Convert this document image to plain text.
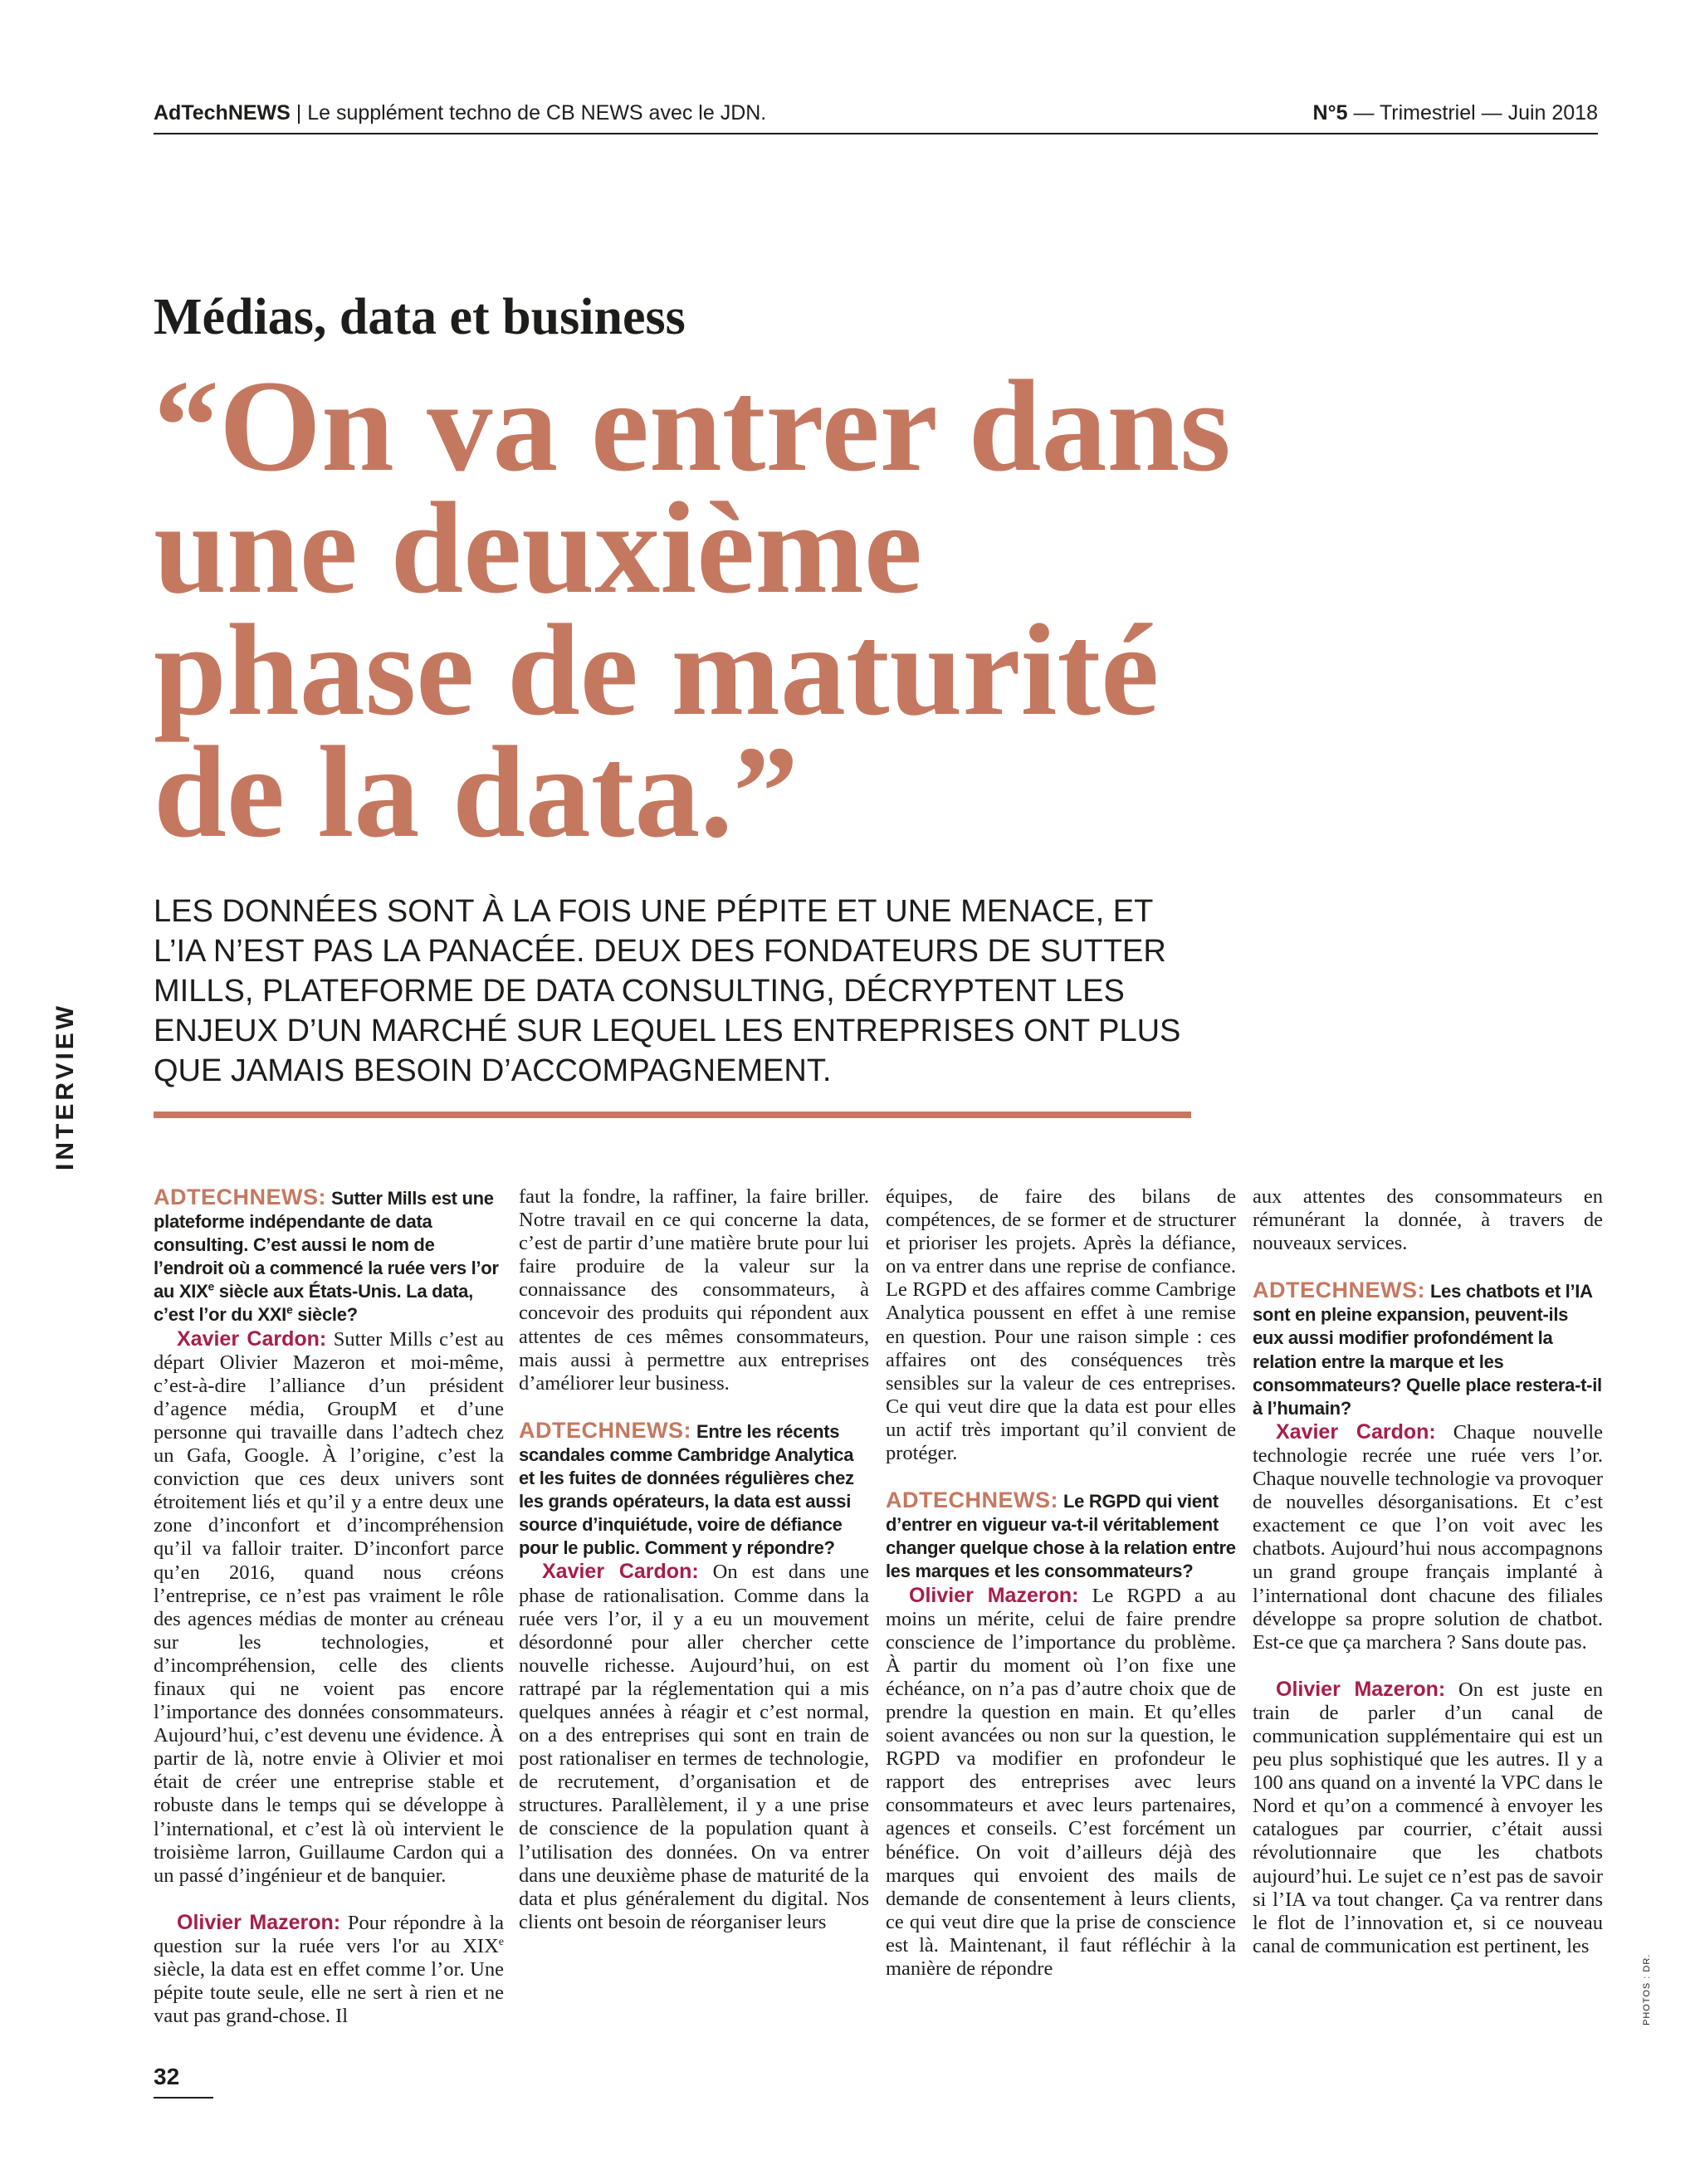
AdTechNEWS | Le supplément techno de CB NEWS avec le JDN.	N°5 — Trimestriel — Juin 2018
INTERVIEW
Médias, data et business
“On va entrer dans
une deuxième
phase de maturité
de la data.”
LES DONNÉES SONT À LA FOIS UNE PÉPITE ET UNE MENACE, ET
L’IA N’EST PAS LA PANACÉE. DEUX DES FONDATEURS DE SUTTER
MILLS, PLATEFORME DE DATA CONSULTING, DÉCRYPTENT LES
ENJEUX D’UN MARCHÉ SUR LEQUEL LES ENTREPRISES ONT PLUS
QUE JAMAIS BESOIN D’ACCOMPAGNEMENT.

ADTECHNEWS: Sutter Mills est une plateforme indépendante de data consulting. C’est aussi le nom de l’endroit où a commencé la ruée vers l’or au XIXe siècle aux États-Unis. La data, c’est l’or du XXIe siècle?

Xavier Cardon: Sutter Mills c’est au départ Olivier Mazeron et moi-même, c’est-à-dire l’alliance d’un président d’agence média, GroupM et d’une personne qui travaille dans l’adtech chez un Gafa, Google. À l’origine, c’est la conviction que ces deux univers sont étroitement liés et qu’il y a entre deux une zone d’inconfort et d’incompréhension qu’il va falloir traiter. D’inconfort parce qu’en 2016, quand nous créons l’entreprise, ce n’est pas vraiment le rôle des agences médias de monter au créneau sur les technologies, et d’incompréhension, celle des clients finaux qui ne voient pas encore l’importance des données consommateurs. Aujourd’hui, c’est devenu une évidence. À partir de là, notre envie à Olivier et moi était de créer une entreprise stable et robuste dans le temps qui se développe à l’international, et c’est là où intervient le troisième larron, Guillaume Cardon qui a un passé d’ingénieur et de banquier.

Olivier Mazeron: Pour répondre à la question sur la ruée vers l'or au XIXe siècle, la data est en effet comme l’or. Une pépite toute seule, elle ne sert à rien et ne vaut pas grand-chose. Il

faut la fondre, la raffiner, la faire briller. Notre travail en ce qui concerne la data, c’est de partir d’une matière brute pour lui faire produire de la valeur sur la connaissance des consommateurs, à concevoir des produits qui répondent aux attentes de ces mêmes consommateurs, mais aussi à permettre aux entreprises d’améliorer leur business.

ADTECHNEWS: Entre les récents scandales comme Cambridge Analytica et les fuites de données régulières chez les grands opérateurs, la data est aussi source d’inquiétude, voire de défiance pour le public. Comment y répondre?

Xavier Cardon: On est dans une phase de rationalisation. Comme dans la ruée vers l’or, il y a eu un mouvement désordonné pour aller chercher cette nouvelle richesse. Aujourd’hui, on est rattrapé par la réglementation qui a mis quelques années à réagir et c’est normal, on a des entreprises qui sont en train de post rationaliser en termes de technologie, de recrutement, d’organisation et de structures. Parallèlement, il y a une prise de conscience de la population quant à l’utilisation des données. On va entrer dans une deuxième phase de maturité de la data et plus généralement du digital. Nos clients ont besoin de réorganiser leurs

équipes, de faire des bilans de compétences, de se former et de structurer et prioriser les projets. Après la défiance, on va entrer dans une reprise de confiance. Le RGPD et des affaires comme Cambrige Analytica poussent en effet à une remise en question. Pour une raison simple : ces affaires ont des conséquences très sensibles sur la valeur de ces entreprises. Ce qui veut dire que la data est pour elles un actif très important qu’il convient de protéger.

ADTECHNEWS: Le RGPD qui vient d’entrer en vigueur va-t-il véritablement changer quelque chose à la relation entre les marques et les consommateurs?

Olivier Mazeron: Le RGPD a au moins un mérite, celui de faire prendre conscience de l’importance du problème. À partir du moment où l’on fixe une échéance, on n’a pas d’autre choix que de prendre la question en main. Et qu’elles soient avancées ou non sur la question, le RGPD va modifier en profondeur le rapport des entreprises avec leurs consommateurs et avec leurs partenaires, agences et conseils. C’est forcément un bénéfice. On voit d’ailleurs déjà des marques qui envoient des mails de demande de consentement à leurs clients, ce qui veut dire que la prise de conscience est là. Maintenant, il faut réfléchir à la manière de répondre

aux attentes des consommateurs en rémunérant la donnée, à travers de nouveaux services.

ADTECHNEWS: Les chatbots et l’IA sont en pleine expansion, peuvent-ils eux aussi modifier profondément la relation entre la marque et les consommateurs? Quelle place restera-t-il à l’humain?

Xavier Cardon: Chaque nouvelle technologie recrée une ruée vers l’or. Chaque nouvelle technologie va provoquer de nouvelles désorganisations. Et c’est exactement ce que l’on voit avec les chatbots. Aujourd’hui nous accompagnons un grand groupe français implanté à l’international dont chacune des filiales développe sa propre solution de chatbot. Est-ce que ça marchera ? Sans doute pas.

Olivier Mazeron: On est juste en train de parler d’un canal de communication supplémentaire qui est un peu plus sophistiqué que les autres. Il y a 100 ans quand on a inventé la VPC dans le Nord et qu’on a commencé à envoyer les catalogues par courrier, c’était aussi révolutionnaire que les chatbots aujourd’hui. Le sujet ce n’est pas de savoir si l’IA va tout changer. Ça va rentrer dans le flot de l’innovation et, si ce nouveau canal de communication est pertinent, les

PHOTOS : DR.
32
